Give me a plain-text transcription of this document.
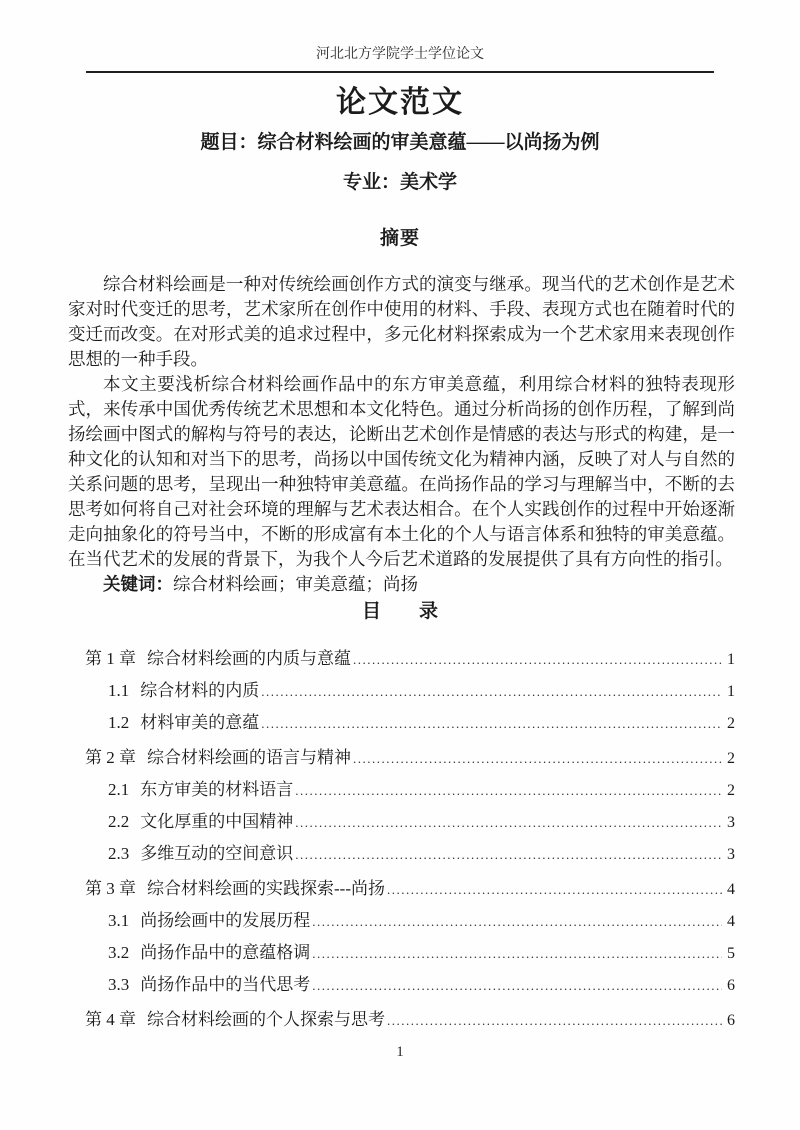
河北北方学院学士学位论文
论文范文
题目：综合材料绘画的审美意蕴——以尚扬为例
专业：美术学
摘要

综合材料绘画是一种对传统绘画创作方式的演变与继承。现当代的艺术创作是艺术家对时代变迁的思考，艺术家所在创作中使用的材料、手段、表现方式也在随着时代的变迁而改变。在对形式美的追求过程中，多元化材料探索成为一个艺术家用来表现创作思想的一种手段。

本文主要浅析综合材料绘画作品中的东方审美意蕴，利用综合材料的独特表现形式，来传承中国优秀传统艺术思想和本文化特色。通过分析尚扬的创作历程，了解到尚扬绘画中图式的解构与符号的表达，论断出艺术创作是情感的表达与形式的构建，是一种文化的认知和对当下的思考，尚扬以中国传统文化为精神内涵，反映了对人与自然的关系问题的思考，呈现出一种独特审美意蕴。在尚扬作品的学习与理解当中，不断的去思考如何将自己对社会环境的理解与艺术表达相合。在个人实践创作的过程中开始逐渐走向抽象化的符号当中，不断的形成富有本土化的个人与语言体系和独特的审美意蕴。在当代艺术的发展的背景下，为我个人今后艺术道路的发展提供了具有方向性的指引。

关键词：综合材料绘画；审美意蕴；尚扬

目　　录
第 1 章 综合材料绘画的内质与意蕴 .....	1
1.1 综合材料的内质 .....	1
1.2 材料审美的意蕴 .....	2
第 2 章 综合材料绘画的语言与精神 .....	2
2.1 东方审美的材料语言 .....	2
2.2 文化厚重的中国精神 .....	3
2.3 多维互动的空间意识 .....	3
第 3 章 综合材料绘画的实践探索---尚扬 .....	4
3.1 尚扬绘画中的发展历程 .....	4
3.2 尚扬作品中的意蕴格调 .....	5
3.3 尚扬作品中的当代思考 .....	6
第 4 章 综合材料绘画的个人探索与思考 .....	6
1
